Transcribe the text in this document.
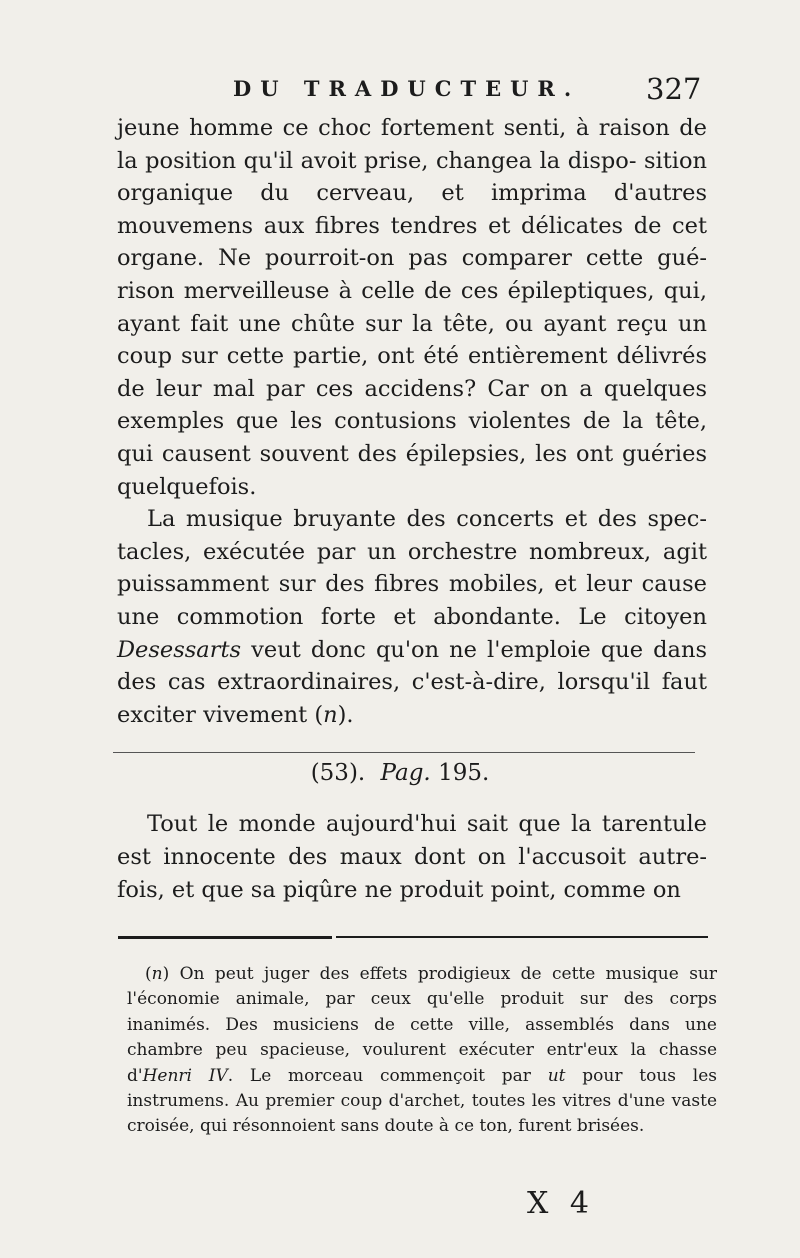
DU TRADUCTEUR. 327

jeune homme ce choc fortement senti, à raison de la position qu'il avoit prise, changea la dispo- sition organique du cerveau, et imprima d'autres mouvemens aux fibres tendres et délicates de cet organe. Ne pourroit-on pas comparer cette gué- rison merveilleuse à celle de ces épileptiques, qui, ayant fait une chûte sur la tête, ou ayant reçu un coup sur cette partie, ont été entièrement délivrés de leur mal par ces accidens? Car on a quelques exemples que les contusions violentes de la tête, qui causent souvent des épilepsies, les ont guéries quelquefois.

La musique bruyante des concerts et des spec- tacles, exécutée par un orchestre nombreux, agit puissamment sur des fibres mobiles, et leur cause une commotion forte et abondante. Le citoyen Desessarts veut donc qu'on ne l'emploie que dans des cas extraordinaires, c'est-à-dire, lorsqu'il faut exciter vivement (n).

(53). Pag. 195.

Tout le monde aujourd'hui sait que la tarentule est innocente des maux dont on l'accusoit autre- fois, et que sa piqûre ne produit point, comme on

(n) On peut juger des effets prodigieux de cette musique sur l'économie animale, par ceux qu'elle produit sur des corps inanimés. Des musiciens de cette ville, assemblés dans une chambre peu spacieuse, voulurent exécuter entr'eux la chasse d'Henri IV. Le morceau commençoit par ut pour tous les instrumens. Au premier coup d'archet, toutes les vitres d'une vaste croisée, qui résonnoient sans doute à ce ton, furent brisées.

X 4
